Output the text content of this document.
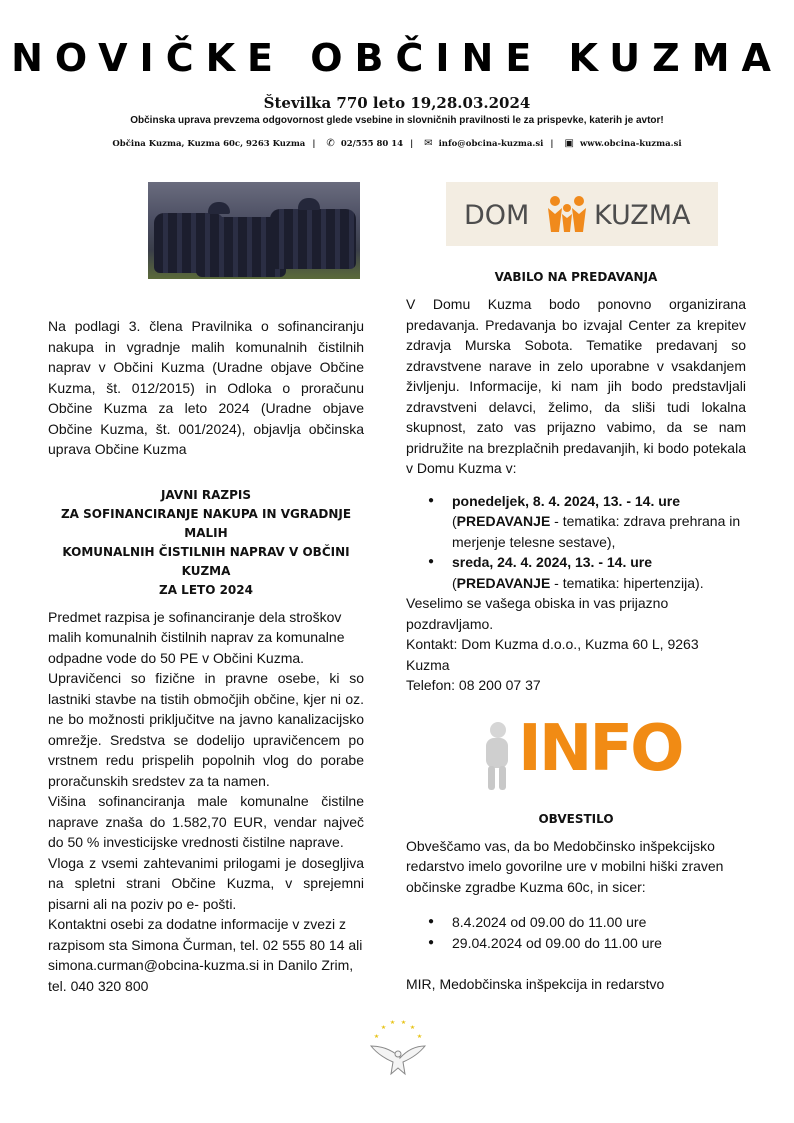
NOVIČKE OBČINE KUZMA
Številka 770 leto 19,28.03.2024
Občinska uprava prevzema odgovornost glede vsebine in slovničnih pravilnosti le za prispevke, katerih je avtor!
Občina Kuzma, Kuzma 60c, 9263 Kuzma | ✆ 02/555 80 14 | ✉ info@obcina-kuzma.si | ▣ www.obcina-kuzma.si

Na podlagi 3. člena Pravilnika o sofinanciranju nakupa in vgradnje malih komunalnih čistilnih naprav v Občini Kuzma (Uradne objave Občine Kuzma, št. 012/2015) in Odloka o proračunu Občine Kuzma za leto 2024 (Uradne objave Občine Kuzma, št. 001/2024), objavlja občinska uprava Občine Kuzma

JAVNI RAZPIS
ZA SOFINANCIRANJE NAKUPA IN VGRADNJE MALIH
KOMUNALNIH ČISTILNIH NAPRAV V OBČINI KUZMA
ZA LETO 2024

Predmet razpisa je sofinanciranje dela stroškov malih komunalnih čistilnih naprav za komunalne odpadne vode do 50 PE v Občini Kuzma.

Upravičenci so fizične in pravne osebe, ki so lastniki stavbe na tistih območjih občine, kjer ni oz. ne bo možnosti priključitve na javno kanalizacijsko omrežje. Sredstva se dodelijo upravičencem po vrstnem redu prispelih popolnih vlog do porabe proračunskih sredstev za ta namen.

Višina sofinanciranja male komunalne čistilne naprave znaša do 1.582,70 EUR, vendar največ do 50 % investicijske vrednosti čistilne naprave.

Vloga z vsemi zahtevanimi prilogami je dosegljiva na spletni strani Občine Kuzma, v sprejemni pisarni ali na poziv po e- pošti.

Kontaktni osebi za dodatne informacije v zvezi z razpisom sta Simona Čurman, tel. 02 555 80 14 ali simona.curman@obcina-kuzma.si in Danilo Zrim, tel. 040 320 800

DOM KUZMA
VABILO NA PREDAVANJA

V Domu Kuzma bodo ponovno organizirana predavanja. Predavanja bo izvajal Center za krepitev zdravja Murska Sobota. Tematike predavanj so zdravstvene narave in zelo uporabne v vsakdanjem življenju. Informacije, ki nam jih bodo predstavljali zdravstveni delavci, želimo, da sliši tudi lokalna skupnost, zato vas prijazno vabimo, da se nam pridružite na brezplačnih predavanjih, ki bodo potekala v Domu Kuzma v:

● ponedeljek, 8. 4. 2024, 13. - 14. ure
(PREDAVANJE - tematika: zdrava prehrana in merjenje telesne sestave),
● sreda, 24. 4. 2024, 13. - 14. ure
(PREDAVANJE - tematika: hipertenzija).

Veselimo se vašega obiska in vas prijazno pozdravljamo.

Kontakt: Dom Kuzma d.o.o., Kuzma 60 L, 9263 Kuzma

Telefon: 08 200 07 37

INFO
OBVESTILO

Obveščamo vas, da bo Medobčinsko inšpekcijsko redarstvo imelo govorilne ure v mobilni hiški zraven občinske zgradbe Kuzma 60c, in sicer:

● 8.4.2024 od 09.00 do 11.00 ure
● 29.04.2024 od 09.00 do 11.00 ure

MIR, Medobčinska inšpekcija in redarstvo
